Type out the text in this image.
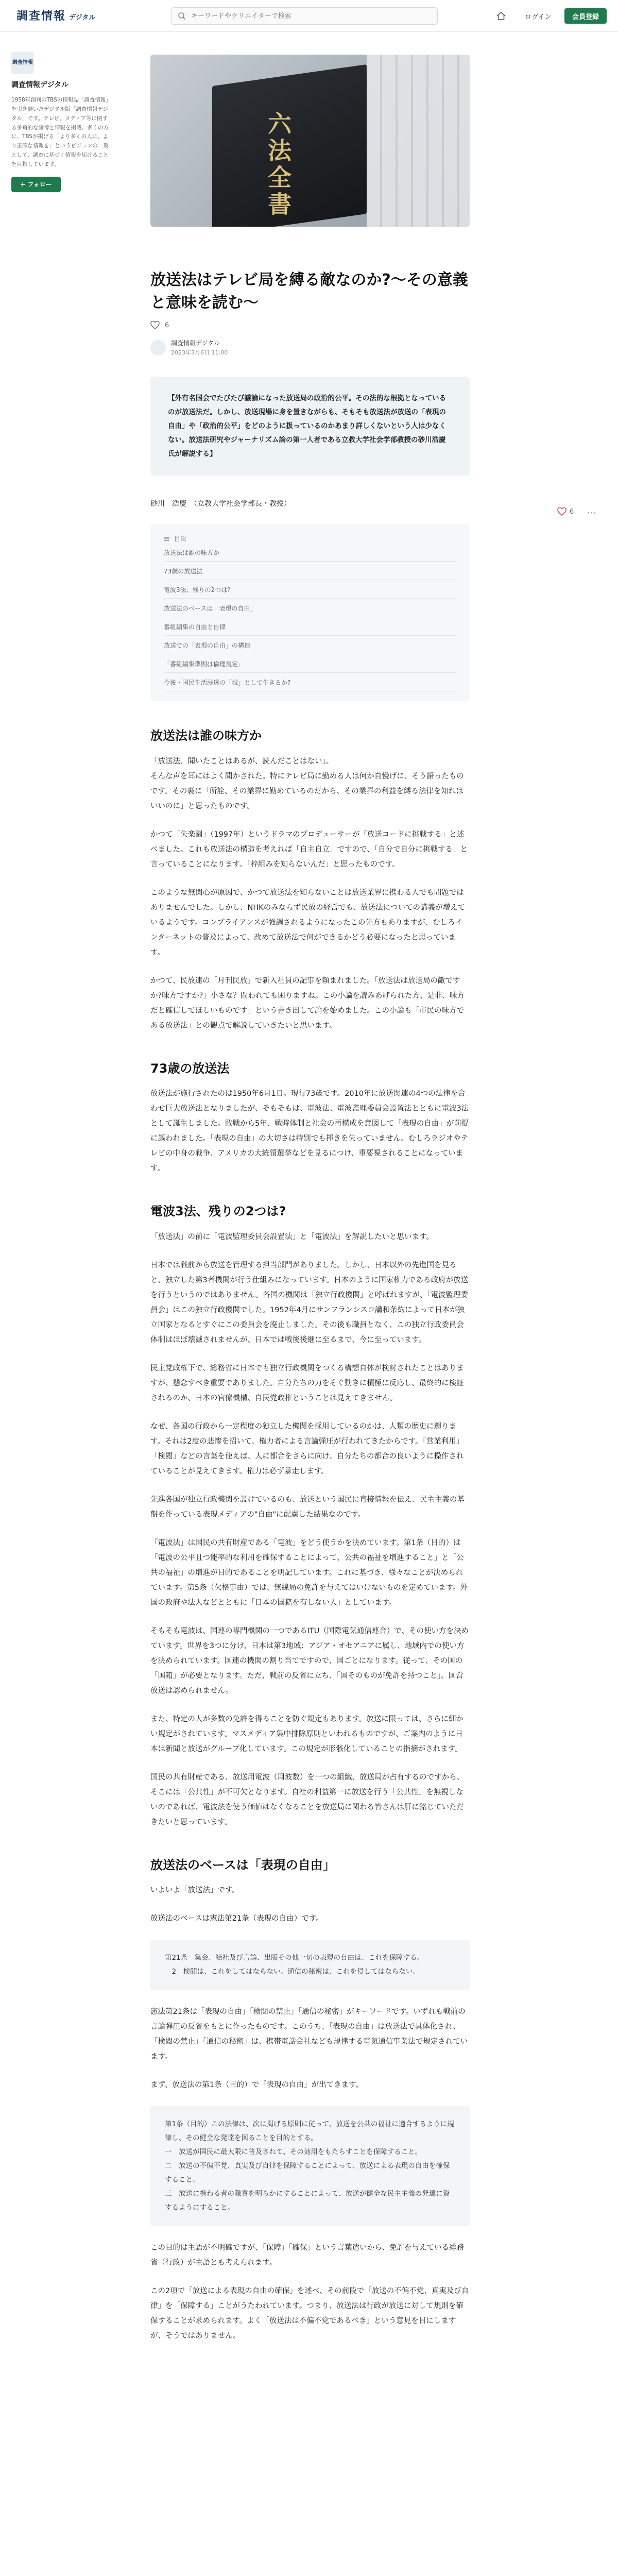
調査情報 デジタル
キーワードやクリエイターで検索	ログイン	会員登録
調査情報
調査情報デジタル
1958年創刊のTBSの情報誌「調査情報」を引き継いだデジタル版「調査情報デジタル」です。テレビ、メディア等に関する多角的な論考と情報を掲載。多くの方に、TBSが掲げる「より多くの人に、より正確な情報を」というビジョンの一環として、調査に基づく情報を届けることを目指しています。
+ フォロー	六法全書
放送法はテレビ局を縛る敵なのか?〜その意義と意味を読む〜
6
調査情報デジタル
2023年3月6日 11:00
【外有名国会でたびたび議論になった放送局の政治的公平。その法的な根拠となっているのが放送法だ。しかし、放送現場に身を置きながらも、そもそも放送法が放送の「表現の自由」や「政治的公平」をどのように扱っているのかあまり詳しくないという人は少なくない。放送法研究やジャーナリズム論の第一人者である立教大学社会学部教授の砂川浩慶氏が解説する】
砂川　浩慶　（立教大学社会学部長・教授）
目次
放送法は誰の味方か
73歳の放送法
電波3法、残りの2つは?
放送法のベースは「表現の自由」
番組編集の自由と自律
放送での「表現の自由」の構造
「番組編集準則は倫理規定」
今後・国民生活浸透の「城」として生きるか?
放送法は誰の味方か

「放送法、聞いたことはあるが、読んだことはない」。
そんな声を耳にはよく聞かされた。特にテレビ局に勤める人は何か自慢げに、そう語ったものです。その裏に「所詮、その業界に勤めているのだから、その業界の利益を縛る法律を知れはいいのに」と思ったものです。

かつて「失楽園」（1997年）というドラマのプロデューサーが「放送コードに挑戦する」と述べました。これも放送法の構造を考えれば「自主自立」ですので、「自分で自分に挑戦する」と言っていることになります。「枠組みを知らないんだ」と思ったものです。

このような無関心が原因で、かつて放送法を知らないことは放送業界に携わる人でも問題ではありませんでした。しかし、NHKのみならず民放の経営でも、放送法についての講義が増えているようです。コンプライアンスが強調されるようになったこの先方もありますが、むしろインターネットの普及によって、改めて放送法で何ができるかどう必要になったと思っています。

かつて、民放連の「月刊民放」で新入社員の記事を頼まれました。「放送法は放送局の敵ですか?味方ですか?」小さな？問われても困りますね。この小論を読みあげられた方、是非、味方だと確信してほしいものです」という書き出して論を始めました。この小論も「市民の味方である放送法」との観点で解説していきたいと思います。

73歳の放送法

放送法が施行されたのは1950年6月1日。現行73歳です。2010年に放送関連の4つの法律を合わせ巨大放送法となりましたが、そもそもは、電波法、電波監理委員会設置法とともに電波3法として誕生しました。敗戦から5年、戦時体制と社会の再構成を意図して「表現の自由」が前提に謳われました。「表現の自由」の大切さは特別でも揮きを失っていません。むしろラジオやテレビの中身の戦争、アメリカの大統領選挙などを見るにつけ、重要視されることになっています。

電波3法、残りの2つは?

「放送法」の前に「電波監理委員会設置法」と「電波法」を解説したいと思います。

日本では戦前から放送を管理する担当部門がありました。しかし、日本以外の先進国を見ると、独立した第3者機関が行う仕組みになっています。日本のように国家権力である政府が放送を行うというのではありません。各国の機関は「独立行政機関」と呼ばれますが、「電波監理委員会」はこの独立行政機関でした。1952年4月にサンフランシスコ講和条約によって日本が独立国家となるとすぐにこの委員会を廃止しました。その後も職員となく、この独立行政委員会体制はほぼ壊滅されませんが、日本では戦後後継に至るまで、今に至っています。

民主党政権下で、総務省に日本でも独立行政機関をつくる構想自体が検討されたことはありますが、懸念すべき重要でありました。自分たちの力をそぐ動きに積極に反応し、最終的に検証されるのか、日本の官僚機構、自民党政権ということは見えてきません。

なぜ、各国の行政から一定程度の独立した機関を採用しているのかは、人類の歴史に遡ります。それは2度の悲惨を招いて、権力者による言論弾圧が行われてきたからです。「営業利用」「検閲」などの言葉を使えば、人に都合をさらに向け、自分たちの都合の良いように操作されていることが見えてきます。権力は必ず暴走します。

先進各国が独立行政機関を設けているのも、放送という国民に直接情報を伝え、民主主義の基盤を作っている表現メディアの"自由"に配慮した結果なのです。

「電波法」は国民の共有財産である「電波」をどう使うかを決めています。第1条（目的）は「電波の公平且つ能率的な利用を確保することによって、公共の福祉を増進すること」と「公共の福祉」の増進が目的であることを明記しています。これに基づき、様々なことが決められています。第5条（欠格事由）では、無線局の免許を与えてはいけないものを定めています。外国の政府や法人などとともに「日本の国籍を有しない人」としています。

そもそも電波は、国連の専門機関の一つであるITU（国際電気通信連合）で、その使い方を決めています。世界を3つに分け、日本は第3地域：アジア・オセアニアに属し、地域内での使い方を決められています。国連の機関の割り当てですので、国ごとになります。従って、その国の「国籍」が必要となります。ただ、戦前の反省に立ち、「国そのものが免許を持つこと」。国営放送は認められません。

また、特定の人が多数の免許を得ることを防ぐ規定もあります。放送に限っては、さらに細かい規定がされています。マスメディア集中排除原則といわれるものですが、ご案内のように日本は新聞と放送がグループ化しています。この規定が形骸化していることの指摘がされます。

国民の共有財産である、放送用電波（周波数）を一つの組織、放送局が占有するのですから、そこには「公共性」が不可欠となります。自社の利益第一に放送を行う「公共性」を無視しないのであれば、電波法を使う価値はなくなることを放送局に関わる皆さんは肝に銘じていただきたいと思っています。

放送法のベースは「表現の自由」

いよいよ「放送法」です。

放送法のベースは憲法第21条（表現の自由）です。

第21条　集会、結社及び言論、出版その他一切の表現の自由は、これを保障する。
　2　検閲は、これをしてはならない。通信の秘密は、これを侵してはならない。

憲法第21条は「表現の自由」「検閲の禁止」「通信の秘密」がキーワードです。いずれも戦前の言論弾圧の反省をもとに作ったものです。このうち、「表現の自由」は放送法で具体化され、「検閲の禁止」「通信の秘密」は、携帯電話会社なども規律する電気通信事業法で規定されています。

まず、放送法の第1条（目的）で「表現の自由」が出てきます。

第1条（目的）この法律は、次に掲げる原則に従って、放送を公共の福祉に適合するように規律し、その健全な発達を図ることを目的とする。
一　放送が国民に最大限に普及されて、その効用をもたらすことを保障すること。
二　放送の不偏不党、真実及び自律を保障することによって、放送による表現の自由を確保すること。
三　放送に携わる者の職責を明らかにすることによって、放送が健全な民主主義の発達に資するようにすること。

この目的は主語が不明確ですが、「保障」「確保」という言葉遣いから、免許を与えている総務省（行政）が主語とも考えられます。

この2項で「放送による表現の自由の確保」を述べ、その前段で「放送の不偏不党、真実及び自律」を「保障する」ことがうたわれています。つまり、放送法は行政が放送に対して規則を確保することが求められます。よく「放送法は不偏不党であるべき」という意見を目にしますが、そうではありません。

6 ⋯
